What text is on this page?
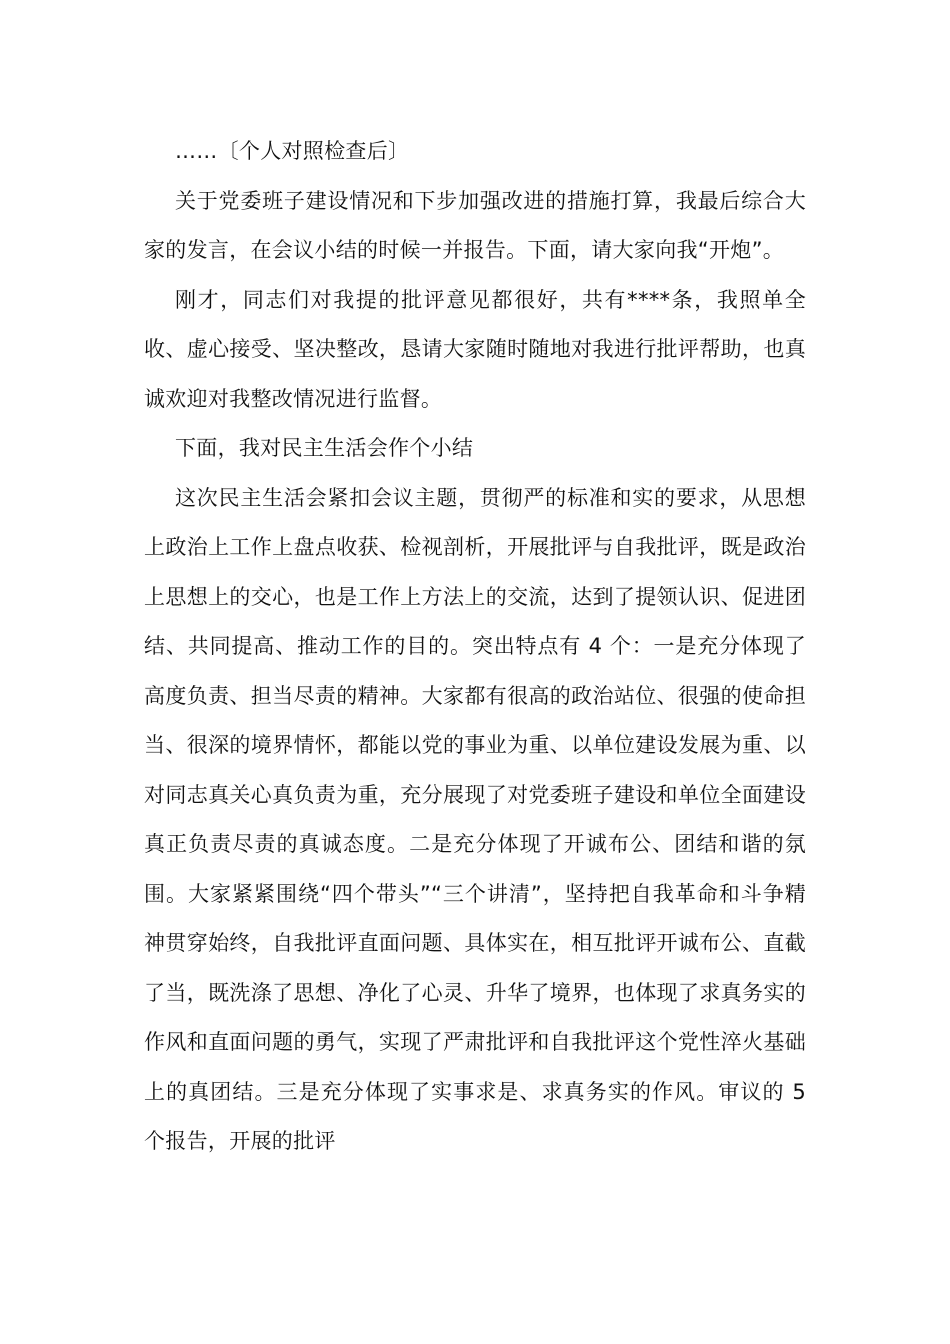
……〔个人对照检查后〕

关于党委班子建设情况和下步加强改进的措施打算，我最后综合大家的发言，在会议小结的时候一并报告。下面，请大家向我“开炮”。

刚才，同志们对我提的批评意见都很好，共有****条，我照单全收、虚心接受、坚决整改，恳请大家随时随地对我进行批评帮助，也真诚欢迎对我整改情况进行监督。

下面，我对民主生活会作个小结

这次民主生活会紧扣会议主题，贯彻严的标准和实的要求，从思想上政治上工作上盘点收获、检视剖析，开展批评与自我批评，既是政治上思想上的交心，也是工作上方法上的交流，达到了提领认识、促进团结、共同提高、推动工作的目的。突出特点有 4 个：一是充分体现了高度负责、担当尽责的精神。大家都有很高的政治站位、很强的使命担当、很深的境界情怀，都能以党的事业为重、以单位建设发展为重、以对同志真关心真负责为重，充分展现了对党委班子建设和单位全面建设真正负责尽责的真诚态度。二是充分体现了开诚布公、团结和谐的氛围。大家紧紧围绕“四个带头”“三个讲清”，坚持把自我革命和斗争精神贯穿始终，自我批评直面问题、具体实在，相互批评开诚布公、直截了当，既洗涤了思想、净化了心灵、升华了境界，也体现了求真务实的作风和直面问题的勇气，实现了严肃批评和自我批评这个党性淬火基础上的真团结。三是充分体现了实事求是、求真务实的作风。审议的 5 个报告，开展的批评
